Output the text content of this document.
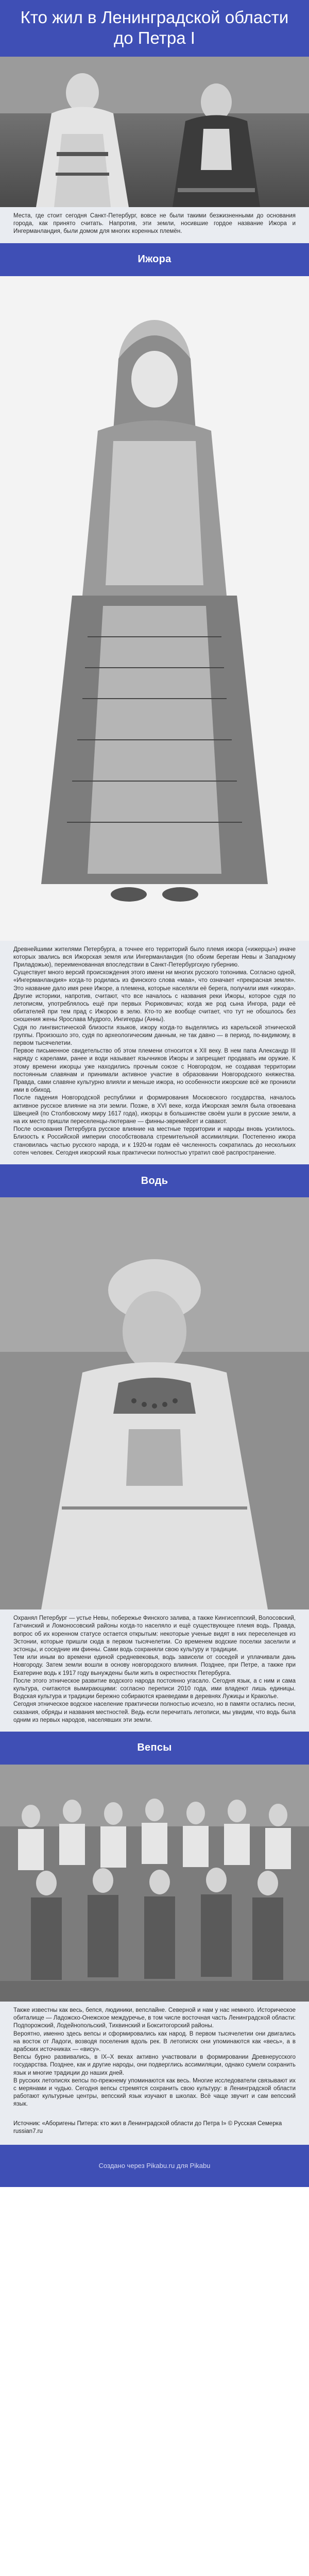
Кто жил в Ленинградской области до Петра I

Места, где стоит сегодня Санкт-Петербург, вовсе не были такими безжизненными до основания города, как принято считать. Напротив, эти земли, носившие гордое название Ижора и Ингерманландия, были домом для многих коренных племён.

Ижора

Древнейшими жителями Петербурга, а точнее его территорий было племя ижора («ижерцы») иначе которых звались вся Ижорская земля или Ингерманландия (по обоим берегам Невы и Западному Приладожью), переименованная впоследствии в Санкт-Петербургскую губернию.

Существует много версий происхождения этого имени ни многих русского топонима. Согласно одной, «Ингерманландия» когда-то родилась из финского слова «маа», что означает «прекрасная земля». Это название дало имя реке Ижоре, а племена, которые населяли её берега, получили имя «ижора». Другие историки, напротив, считают, что все началось с названия реки Ижоры, которое судя по летописям, употреблялось ещё при первых Рюриковичах; когда же род сына Ингора, ради её обитателей при тем прад с Ижорою в зелю. Кто-то же вообще считает, что тут не обошлось без сношения жены Ярослава Мудрого, Ингигерды (Анны).

Судя по лингвистической близости языков, ижору когда-то выделялись из карельской этнической группы. Произошло это, судя по археологическим данным, не так давно — в период, по-видимому, в первом тысячелетии.

Первое письменное свидетельство об этом племени относится к XII веку. В нем папа Александр III наряду с карелами, ранее и води называет язычников Ижоры и запрещает продавать им оружие. К этому времени ижорцы уже находились прочным союзе с Новгородом, не создавая территории постоянным славянам и принимали активное участие в образовании Новгородского княжества. Правда, сами славяне культурно влияли и меньше ижора, но особенности ижорские всё же проникли ими в обиход.

После падения Новгородской республики и формирования Московского государства, началось активное русское влияние на эти земли. Позже, в XVI веке, когда Ижорская земля была отвоевана Швецией (по Столбовскому миру 1617 года), ижорцы в большинстве своём ушли в русские земли, а на их место пришли переселенцы-лютеране — финны-эвремейсет и савакот.

После основания Петербурга русское влияние на местные территории и народы вновь усилилось. Близость к Российской империи способствовала стремительной ассимиляции. Постепенно ижора становилась частью русского народа, и к 1920-м годам её численность сократилась до нескольких сотен человек. Сегодня ижорский язык практически полностью утратил своё распространение.

Водь

Охранял Петербург — устье Невы, побережье Финского залива, а также Кингисеппский, Волосовский, Гатчинский и Ломоносовский районы когда-то населяло и ещё существующее племя водь. Правда, вопрос об их коренном статусе остается открытым: некоторые ученые видят в них переселенцев из Эстонии, которые пришли сюда в первом тысячелетии. Со временем водские поселки заселили и эстонцы, и соседние им финны. Сами водь сохраняли свою культуру и традиции.

Тем или иным во времени единой средневековья, водь зависели от соседей и уплачивали дань Новгороду. Затем земли вошли в основу новгородского влияния. Позднее, при Петре, а также при Екатерине водь к 1917 году вынуждены были жить в окрестностях Петербурга.

После этого этническое развитие водского народа постоянно угасало. Сегодня язык, а с ним и сама культура, считаются вымирающими: согласно переписи 2010 года, ими владеют лишь единицы. Водская культура и традиции бережно собираются краеведами в деревнях Лужицы и Краколье.

Сегодня этническое водское население практически полностью исчезло, но в памяти остались песни, сказания, обряды и названия местностей. Ведь если перечитать летописи, мы увидим, что водь была одним из первых народов, населявших эти земли.

Вепсы

Также известны как весь, бепся, людиники, вепслайне. Северной и нам у нас немного. Историческое обиталище — Ладожско-Онежское междуречье, в том числе восточная часть Ленинградской области: Подпорожский, Лодейнопольский, Тихвинский и Бокситогорский районы.

Вероятно, именно здесь вепсы и сформировались как народ. В первом тысячелетии они двигались на восток от Ладоги, возводя поселения вдоль рек. В летописях они упоминаются как «весь», а в арабских источниках — «вису».

Вепсы бурно развивались, в IX–X веках активно участвовали в формировании Древнерусского государства. Позднее, как и другие народы, они подверглись ассимиляции, однако сумели сохранить язык и многие традиции до наших дней.

В русских летописях вепсы по-прежнему упоминаются как весь. Многие исследователи связывают их с мерянами и чудью. Сегодня вепсы стремятся сохранить свою культуру: в Ленинградской области работают культурные центры, вепсский язык изучают в школах. Всё чаще звучит и сам вепсский язык.

Источник: «Аборигены Питера: кто жил в Ленинградской области до Петра I» © Русская Семерка russian7.ru

Создано через Pikabu.ru для Pikabu
